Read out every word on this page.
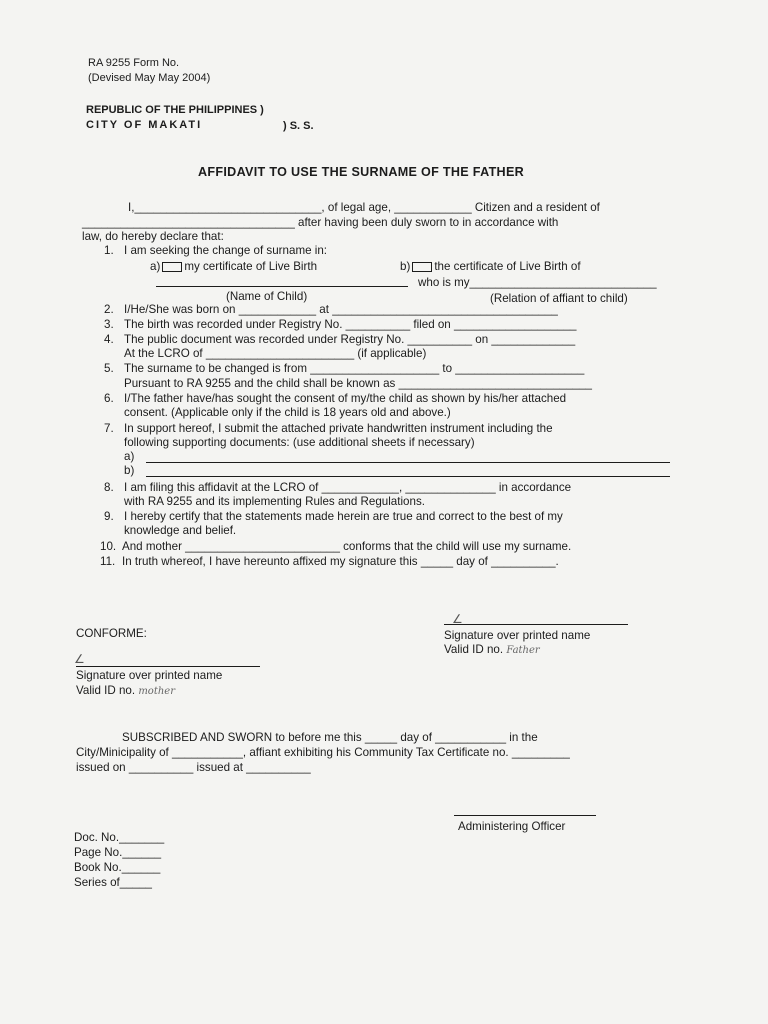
RA 9255 Form No.
(Devised May May 2004)
REPUBLIC OF THE PHILIPPINES )
CITY OF MAKATI	) S. S.
AFFIDAVIT TO USE THE SURNAME OF THE FATHER
I,_____________________________, of legal age, ____________ Citizen and a resident of
_________________________________ after having been duly sworn to in accordance with
law, do hereby declare that:
1. I am seeking the change of surname in:
a) my certificate of Live Birth	b) the certificate of Live Birth of
who is my_____________________________
(Name of Child)	(Relation of affiant to child)
2. I/He/She was born on ____________ at ___________________________________
3. The birth was recorded under Registry No. __________ filed on ___________________
4. The public document was recorded under Registry No. __________ on _____________
At the LCRO of _______________________ (if applicable)
5. The surname to be changed is from ____________________ to ____________________
Pursuant to RA 9255 and the child shall be known as ______________________________
6. I/The father have/has sought the consent of my/the child as shown by his/her attached
consent. (Applicable only if the child is 18 years old and above.)
7. In support hereof, I submit the attached private handwritten instrument including the
following supporting documents: (use additional sheets if necessary)
a)
b)
8. I am filing this affidavit at the LCRO of ____________, ______________ in accordance
with RA 9255 and its implementing Rules and Regulations.
9. I hereby certify that the statements made herein are true and correct to the best of my
knowledge and belief.
10. And mother ________________________ conforms that the child will use my surname.
11. In truth whereof, I have hereunto affixed my signature this _____ day of __________.
∠
Signature over printed name
Valid ID no. Father
CONFORME:
∠
Signature over printed name
Valid ID no. mother
SUBSCRIBED AND SWORN to before me this _____ day of ___________ in the
City/Minicipality of ___________, affiant exhibiting his Community Tax Certificate no. _________
issued on __________ issued at __________
Administering Officer
Doc. No._______
Page No.______
Book No.______
Series of_____
